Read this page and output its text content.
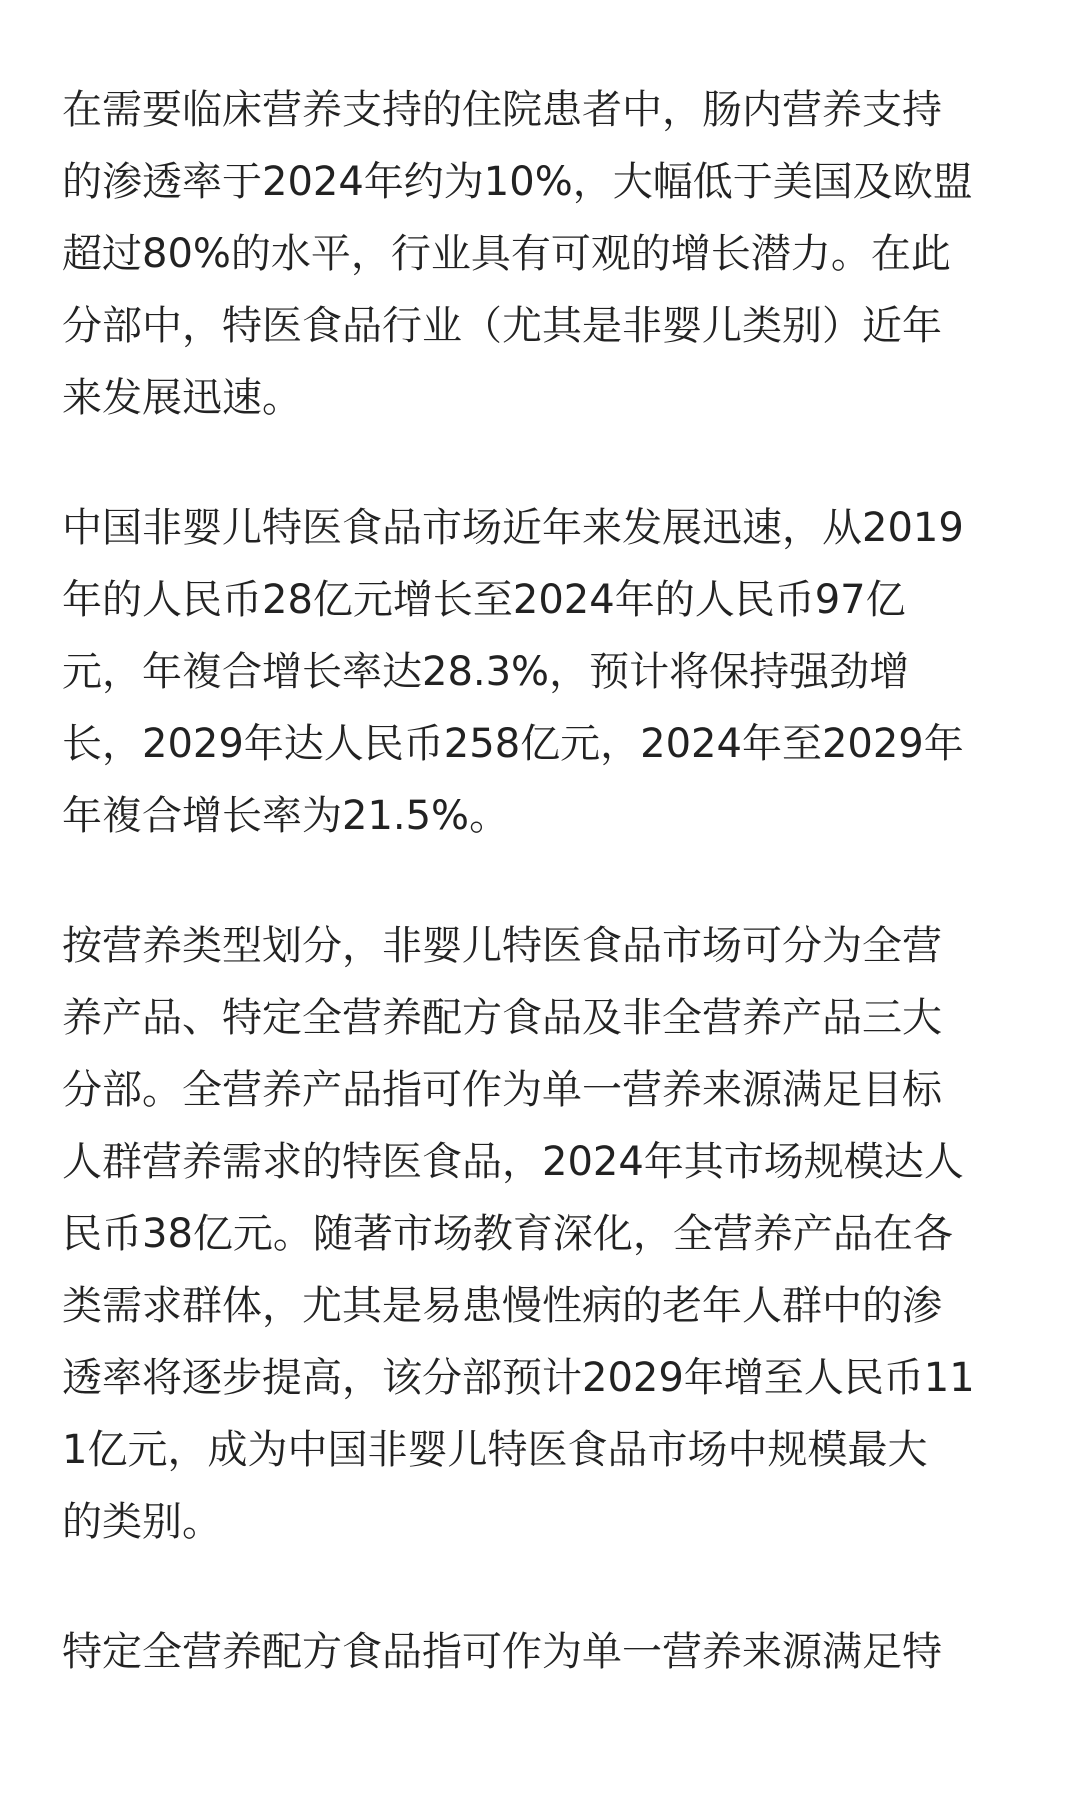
在需要临床营养支持的住院患者中，肠内营养支持
的渗透率于2024年约为10%，大幅低于美国及欧盟
超过80%的水平，行业具有可观的增长潜力。在此
分部中，特医食品行业（尤其是非婴儿类别）近年
来发展迅速。
中国非婴儿特医食品市场近年来发展迅速，从2019
年的人民币28亿元增长至2024年的人民币97亿
元，年複合增长率达28.3%，预计将保持强劲增
长，2029年达人民币258亿元，2024年至2029年
年複合增长率为21.5%。
按营养类型划分，非婴儿特医食品市场可分为全营
养产品、特定全营养配方食品及非全营养产品三大
分部。全营养产品指可作为单一营养来源满足目标
人群营养需求的特医食品，2024年其市场规模达人
民币38亿元。随著市场教育深化，全营养产品在各
类需求群体，尤其是易患慢性病的老年人群中的渗
透率将逐步提高，该分部预计2029年增至人民币11
1亿元，成为中国非婴儿特医食品市场中规模最大
的类别。
特定全营养配方食品指可作为单一营养来源满足特
